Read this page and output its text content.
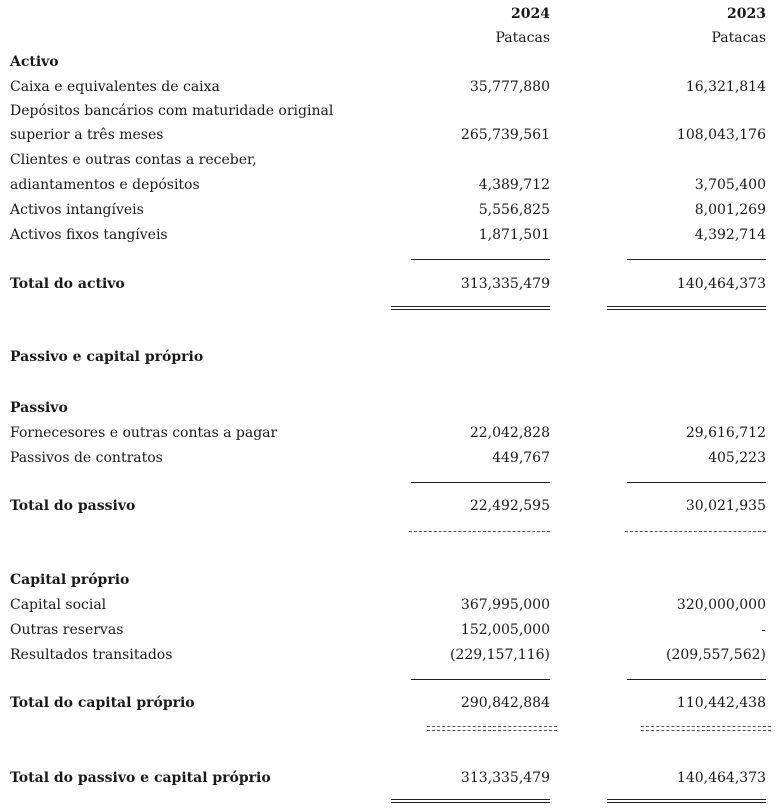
2024	2023
Patacas	Patacas
Activo
Caixa e equivalentes de caixa	35,777,880	16,321,814
Depósitos bancários com maturidade original
superior a três meses	265,739,561	108,043,176
Clientes e outras contas a receber,
adiantamentos e depósitos	4,389,712	3,705,400
Activos intangíveis	5,556,825	8,001,269
Activos fixos tangíveis	1,871,501	4,392,714
Total do activo	313,335,479	140,464,373
Passivo e capital próprio
Passivo
Fornecesores e outras contas a pagar	22,042,828	29,616,712
Passivos de contratos	449,767	405,223
Total do passivo	22,492,595	30,021,935
Capital próprio
Capital social	367,995,000	320,000,000
Outras reservas	152,005,000	-
Resultados transitados	(229,157,116)	(209,557,562)
Total do capital próprio	290,842,884	110,442,438
Total do passivo e capital próprio	313,335,479	140,464,373
